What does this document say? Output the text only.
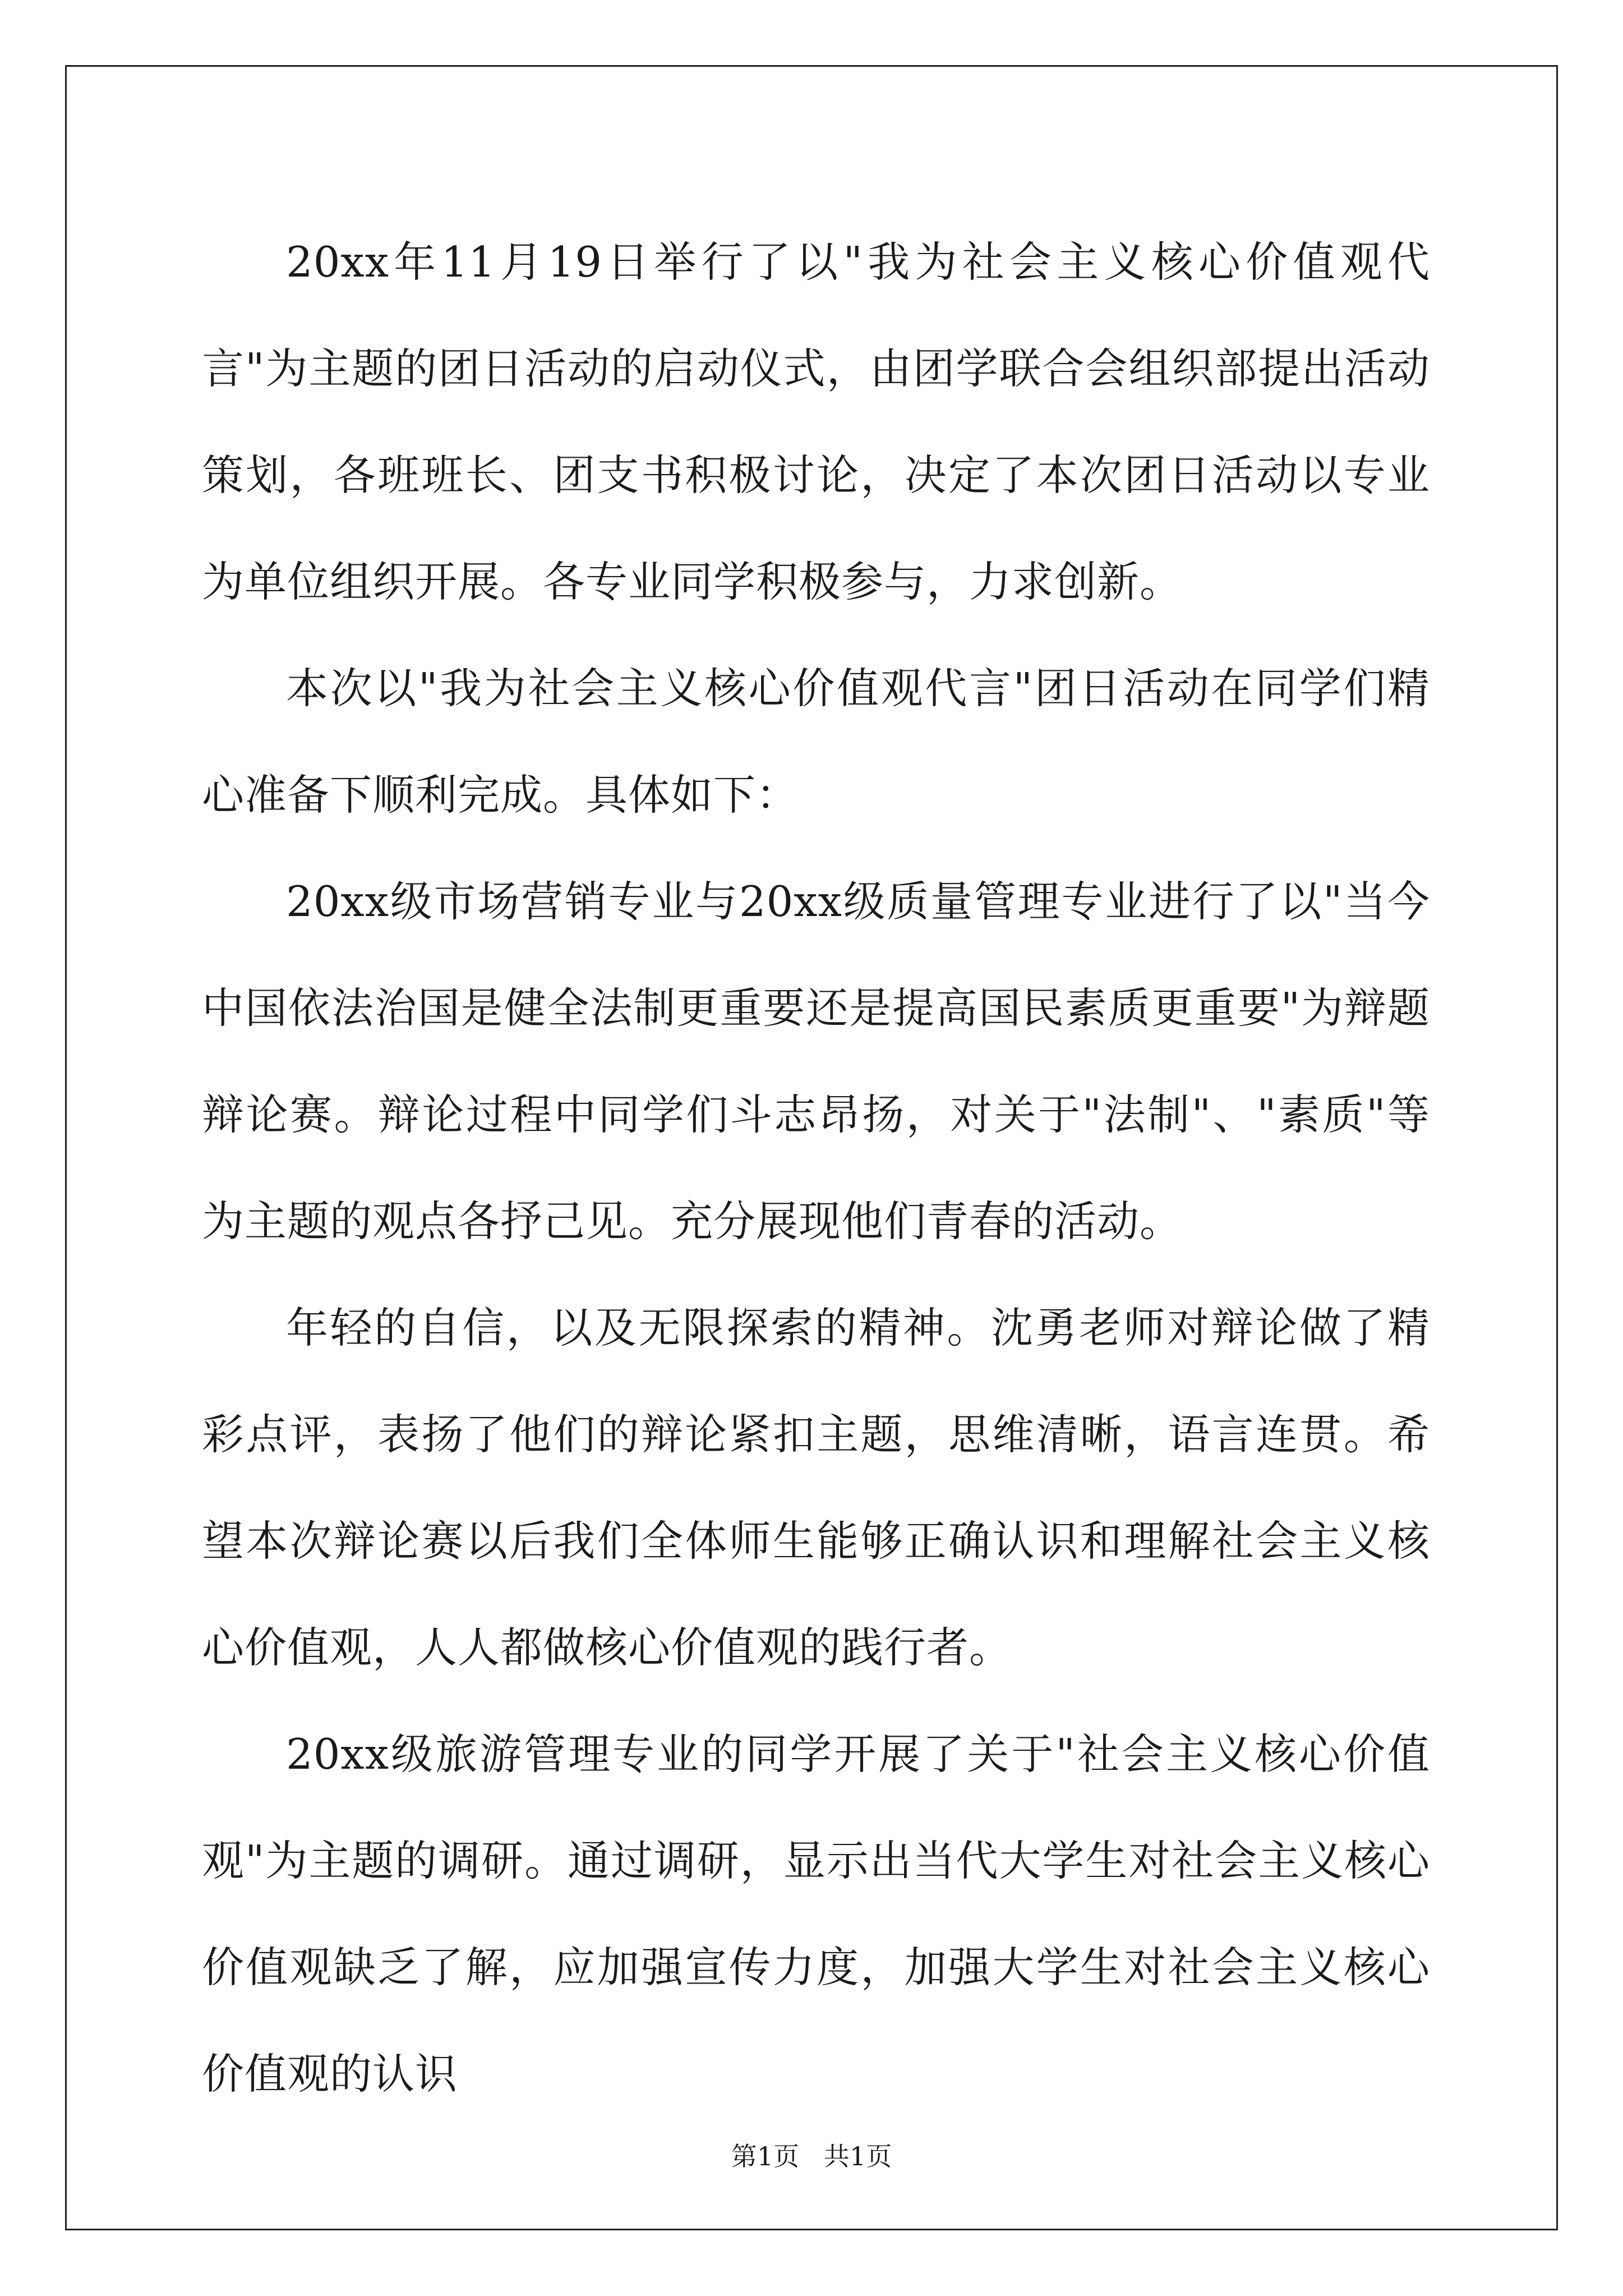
20xx年11月19日举行了以"我为社会主义核心价值观代言"为主题的团日活动的启动仪式，由团学联合会组织部提出活动策划，各班班长、团支书积极讨论，决定了本次团日活动以专业为单位组织开展。各专业同学积极参与，力求创新。

本次以"我为社会主义核心价值观代言"团日活动在同学们精心准备下顺利完成。具体如下：

20xx级市场营销专业与20xx级质量管理专业进行了以"当今中国依法治国是健全法制更重要还是提高国民素质更重要"为辩题辩论赛。辩论过程中同学们斗志昂扬，对关于"法制"、"素质"等为主题的观点各抒己见。充分展现他们青春的活动。

年轻的自信，以及无限探索的精神。沈勇老师对辩论做了精彩点评，表扬了他们的辩论紧扣主题，思维清晰，语言连贯。希望本次辩论赛以后我们全体师生能够正确认识和理解社会主义核心价值观，人人都做核心价值观的践行者。

20xx级旅游管理专业的同学开展了关于"社会主义核心价值观"为主题的调研。通过调研，显示出当代大学生对社会主义核心价值观缺乏了解，应加强宣传力度，加强大学生对社会主义核心价值观的认识

第1页   共1页
